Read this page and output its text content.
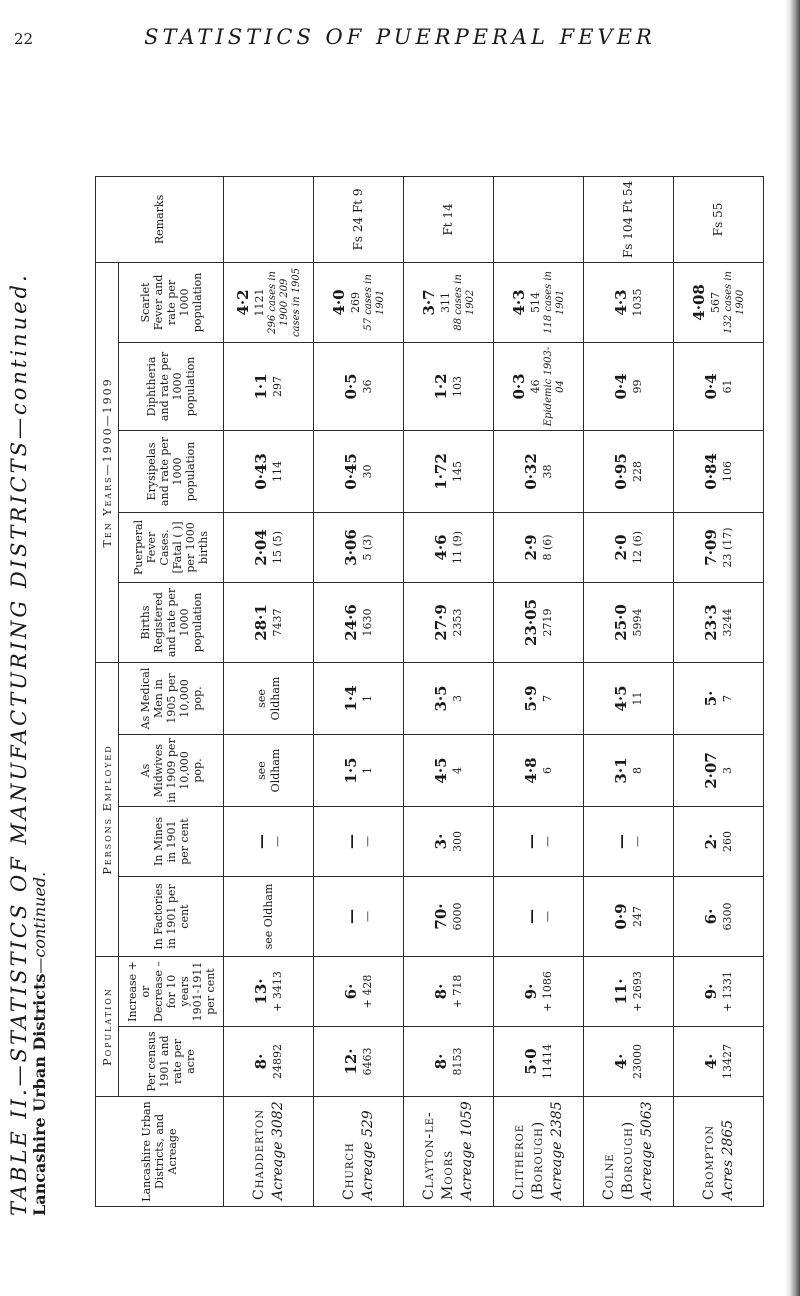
22	STATISTICS OF PUERPERAL FEVER
TABLE II.—STATISTICS OF MANUFACTURING DISTRICTS—continued. Lancashire Urban Districts—continued.
Lancashire Urban Districts, and Acreage	Population		Persons Employed				Ten Years—1900—1909					Remarks
	Per census 1901 and rate per acre	Increase + or Decrease – for 10 years 1901-1911 per cent	In Factories in 1901 per cent	In Mines in 1901 per cent	As Midwives in 1909 per 10,000 pop.	As Medical Men in 1905 per 10,000 pop.	Births Registered and rate per 1000 population	Puerperal Fever Cases. [Fatal ( )] per 1000 births	Erysipelas and rate per 1000 population	Diphtheria and rate per 1000 population	Scarlet Fever and rate per 1000 population	
Chadderton Acreage 3082	8· 24892	13· + 3413	see Oldham	— —	see Oldham	see Oldham	28·1 7437	2·04 15 (5)	0·43 114	1·1 297	4·2 1121 296 cases in 1900 209 cases in 1905	

Church Acreage 529	12· 6463	6· + 428	— —	— —	1·5 1	1·4 1	24·6 1630	3·06 5 (3)	0·45 30	0·5 36	4·0 269 57 cases in 1901	Fs 24 Ft 9

Clayton-le-Moors Acreage 1059	8· 8153	8· + 718	70· 6000	3· 300	4·5 4	3·5 3	27·9 2353	4·6 11 (9)	1·72 145	1·2 103	3·7 311 88 cases in 1902	Ft 14

Clitheroe (Borough) Acreage 2385	5·0 11414	9· + 1086	— —	— —	4·8 6	5·9 7	23·05 2719	2·9 8 (6)	0·32 38	0·3 46 Epidemic 1903-04	4·3 514 118 cases in 1901	

Colne (Borough) Acreage 5063	4· 23000	11· + 2693	0·9 247	— —	3·1 8	4·5 11	25·0 5994	2·0 12 (6)	0·95 228	0·4 99	4·3 1035	Fs 104 Ft 54

Crompton Acres 2865	4· 13427	9· + 1331	6· 6300	2· 260	2·07 3	5· 7	23·3 3244	7·09 23 (17)	0·84 106	0·4 61	4·08 567 132 cases in 1900	Fs 55
